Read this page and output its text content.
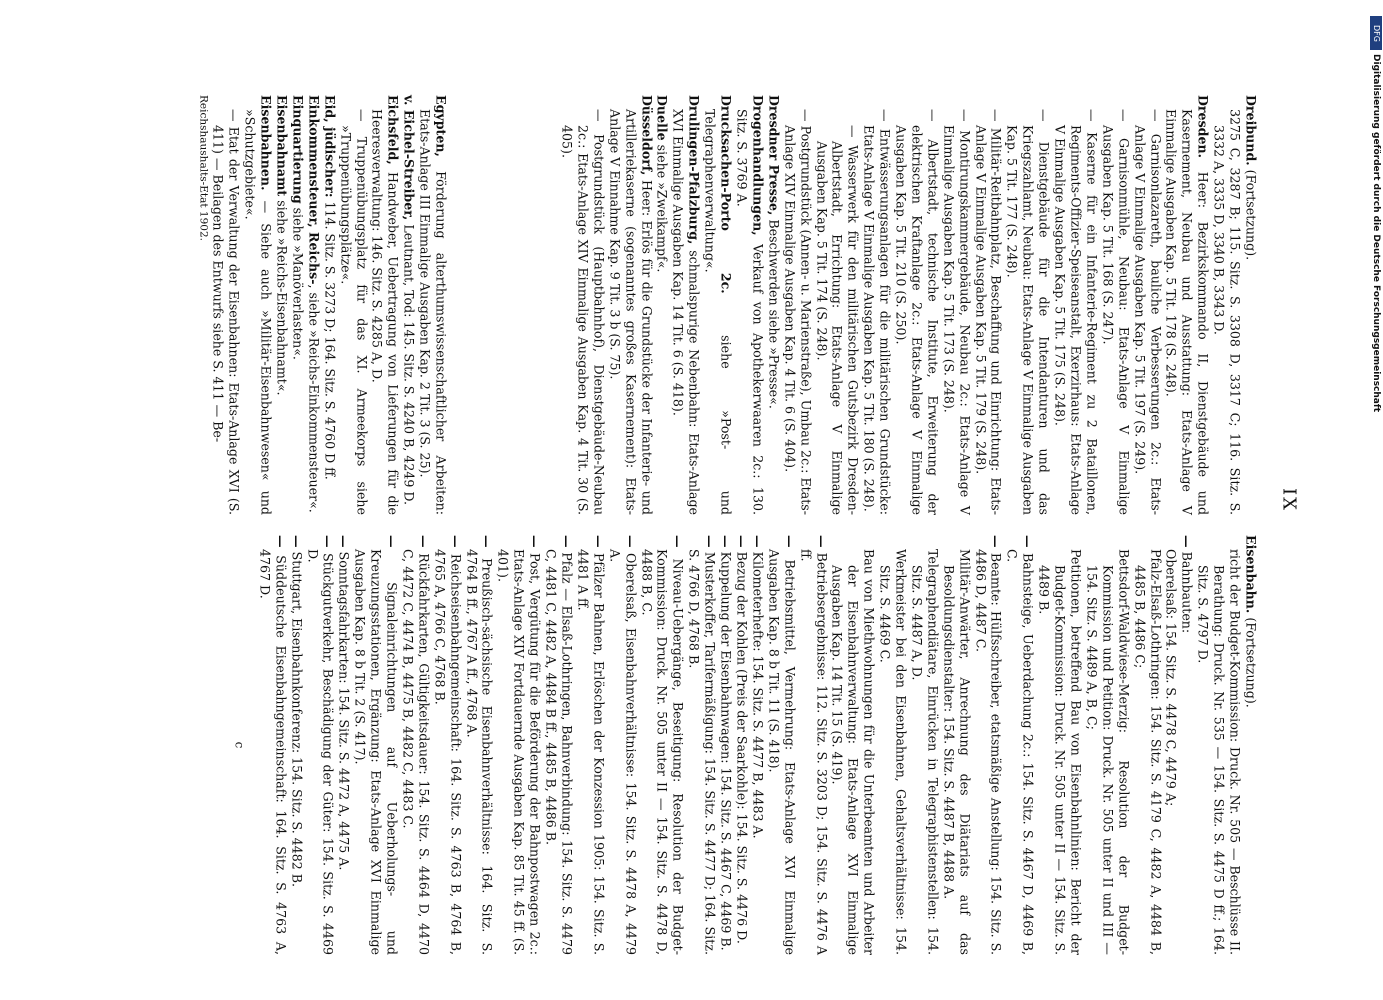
IX
Dreibund. (Fortsetzung).
3275 C, 3287 B; 115. Sitz. S. 3308 D, 3317 C; 116. Sitz. S. 3332 A, 3335 D, 3340 B, 3343 D.
Dresden. Heer: Bezirkskommando II, Dienstgebäude und Kasernement, Neubau und Ausstattung: Etats-Anlage V Einmalige Ausgaben Kap. 5 Tit. 178 (S. 248).
— Garnisonlazareth, bauliche Verbesserungen 2c.: Etats-Anlage V Einmalige Ausgaben Kap. 5 Tit. 197 (S. 249).
— Garnisonmühle, Neubau: Etats-Anlage V Einmalige Ausgaben Kap. 5 Tit. 168 (S. 247).
— Kaserne für ein Infanterie-Regiment zu 2 Bataillonen, Regiments-Offizier-Speiseanstalt, Exerzirhaus: Etats-Anlage V Einmalige Ausgaben Kap. 5 Tit. 175 (S. 248).
— Dienstgebäude für die Intendanturen und das Kriegszahlamt, Neubau: Etats-Anlage V Einmalige Ausgaben Kap. 5 Tit. 177 (S. 248).
— Militär-Reitbahnplatz, Beschaffung und Einrichtung: Etats-Anlage V Einmalige Ausgaben Kap. 5 Tit. 179 (S. 248).
— Montirungskammergebäude, Neubau 2c.: Etats-Anlage V Einmalige Ausgaben Kap. 5 Tit. 173 (S. 248).
— Albertstadt, technische Institute, Erweiterung der elektrischen Kraftanlage 2c.: Etats-Anlage V Einmalige Ausgaben Kap. 5 Tit. 210 (S. 250).
— Entwässerungsanlagen für die militärischen Grundstücke: Etats-Anlage V Einmalige Ausgaben Kap. 5 Tit. 180 (S. 248).
— Wasserwerk für den militärischen Gutsbezirk Dresden-Albertstadt, Errichtung: Etats-Anlage V Einmalige Ausgaben Kap. 5 Tit. 174 (S. 248).
— Postgrundstück (Annen- u. Marienstraße), Umbau 2c.: Etats-Anlage XIV Einmalige Ausgaben Kap. 4 Tit. 6 (S. 404).
Dresdner Presse, Beschwerden siehe »Presse«.
Drogenhandlungen, Verkauf von Apothekerwaaren 2c.: 130. Sitz. S. 3769 A.
Drucksachen-Porto 2c. siehe »Post- und Telegraphenverwaltung«.
Drulingen-Pfalzburg, schmalspurige Nebenbahn: Etats-Anlage XVI Einmalige Ausgaben Kap. 14 Tit. 6 (S. 418).
Duelle siehe »Zweikampf«.
Düsseldorf, Heer: Erlös für die Grundstücke der Infanterie- und Artilleriekaserne (sogenanntes großes Kasernement): Etats-Anlage V Einnahme Kap. 9 Tit. 3 b (S. 75).
— Postgrundstück (Hauptbahnhof), Dienstgebäude-Neubau 2c.: Etats-Anlage XIV Einmalige Ausgaben Kap. 4 Tit. 30 (S. 405).
Egypten, Förderung alterthumswissenschaftlicher Arbeiten: Etats-Anlage III Einmalige Ausgaben Kap. 2 Tit. 3 (S. 25).
v. Eichel-Streiber, Leutnant, Tod: 145. Sitz. S. 4240 B, 4249 D.
Eichsfeld, Handweber, Uebertragung von Lieferungen für die Heeresverwaltung: 146. Sitz. S. 4285 A, D.
— Truppenübungsplatz für das XI. Armeekorps siehe »Truppenübungsplätze«.
Eid, jüdischer: 114. Sitz. S. 3273 D; 164. Sitz. S. 4760 D ff.
Einkommensteuer, Reichs-, siehe »Reichs-Einkommensteuer«.
Einquartierung siehe »Manöverlasten«.
Eisenbahnamt siehe »Reichs-Eisenbahnamt«.
Eisenbahnen. — Siehe auch »Militär-Eisenbahnwesen« und »Schutzgebiete«.
— Etat der Verwaltung der Eisenbahnen: Etats-Anlage XVI (S. 411) — Beilagen des Entwurfs siehe S. 411 — Be-
Reichshaushalts-Etat 1902.
Eisenbahn. (Fortsetzung).
richt der Budget-Kommission: Druck. Nr. 505 — Beschlüsse II. Berathung: Druck. Nr. 535 — 154. Sitz. S. 4475 D ff.; 164. Sitz. S. 4797 D.
— Bahnbauten:
Oberelsaß: 154. Sitz. S. 4478 C, 4479 A;
Pfalz-Elsaß-Lothringen: 154. Sitz. S. 4179 C, 4482 A, 4484 B, 4485 B, 4486 C;
Bettsdorf-Waldwiese-Merzig: Resolution der Budget-Kommission und Petition: Druck. Nr. 505 unter II und III — 154. Sitz. S. 4489 A, B, C;
Petitionen, betreffend Bau von Eisenbahnlinien: Bericht der Budget-Kommission: Druck. Nr. 505 unter II — 154. Sitz. S. 4489 B.
— Bahnsteige, Ueberdachung 2c.: 154. Sitz. S. 4467 D, 4469 B, C.
— Beamte: Hülfsschreiber, etatsmäßige Anstellung: 154. Sitz. S. 4486 D, 4487 C.
Militär-Anwärter, Anrechnung des Diätariats auf das Besoldungsdienstalter: 154. Sitz. S. 4487 B, 4488 A.
Telegraphendiätare, Einrücken in Telegraphistenstellen: 154. Sitz. S. 4487 A, D.
Werkmeister bei den Eisenbahnen, Gehaltsverhältnisse: 154. Sitz. S. 4469 C.
Bau von Miethwohnungen für die Unterbeamten und Arbeiter der Eisenbahnverwaltung: Etats-Anlage XVI Einmalige Ausgaben Kap. 14 Tit. 15 (S. 419).
— Betriebsergebnisse: 112. Sitz. S. 3203 D; 154. Sitz. S. 4476 A ff.
— Betriebsmittel, Vermehrung: Etats-Anlage XVI Einmalige Ausgaben Kap. 8 b Tit. 11 (S. 418).
— Kilometerhefte: 154. Sitz. S. 4477 B, 4483 A.
— Bezug der Kohlen (Preis der Saarkohle): 154. Sitz. S. 4476 D.
— Kuppelung der Eisenbahnwagen: 154. Sitz. S. 4467 C, 4469 B.
— Musterkoffer, Tarifermäßigung: 154. Sitz. S. 4477 D; 164. Sitz. S. 4766 D, 4768 B.
— Niveau-Uebergänge, Beseitigung: Resolution der Budget-Kommission: Druck. Nr. 505 unter II — 154. Sitz. S. 4478 D, 4488 B, C.
— Oberelsaß, Eisenbahnverhältnisse: 154. Sitz. S. 4478 A, 4479 A.
— Pfälzer Bahnen, Erlöschen der Konzession 1905: 154. Sitz. S. 4481 A ff.
— Pfalz — Elsaß-Lothringen, Bahnverbindung: 154. Sitz. S. 4479 C, 4481 C, 4482 A, 4484 B ff., 4485 B, 4486 B.
— Post, Vergütung für die Beförderung der Bahnpostwagen 2c.: Etats-Anlage XIV Fortdauernde Ausgaben Kap. 85 Tit. 45 ff. (S. 401).
— Preußisch-sächsische Eisenbahnverhältnisse: 164. Sitz. S. 4764 B ff., 4767 A ff., 4768 A.
— Reichseisenbahngemeinschaft: 164. Sitz. S. 4763 B, 4764 B, 4765 A, 4766 C, 4768 B.
— Rückfahrkarten, Gültigkeitsdauer: 154. Sitz. S. 4464 D, 4470 C, 4472 C, 4474 B, 4475 B, 4482 C, 4483 C.
— Signaleinrichtungen auf Ueberholungs- und Kreuzungsstationen, Ergänzung: Etats-Anlage XVI Einmalige Ausgaben Kap. 8 b Tit. 2 (S. 417).
— Sonntagsfahrkarten: 154. Sitz. S. 4472 A, 4475 A.
— Stückgutverkehr, Beschädigung der Güter: 154. Sitz. S. 4469 D.
— Stuttgart, Eisenbahnkonferenz: 154. Sitz. S. 4482 B.
— Süddeutsche Eisenbahngemeinschaft: 164. Sitz. S. 4763 A, 4767 D.
c
DFG
Digitalisierung gefördert durch die Deutsche Forschungsgemeinschaft
